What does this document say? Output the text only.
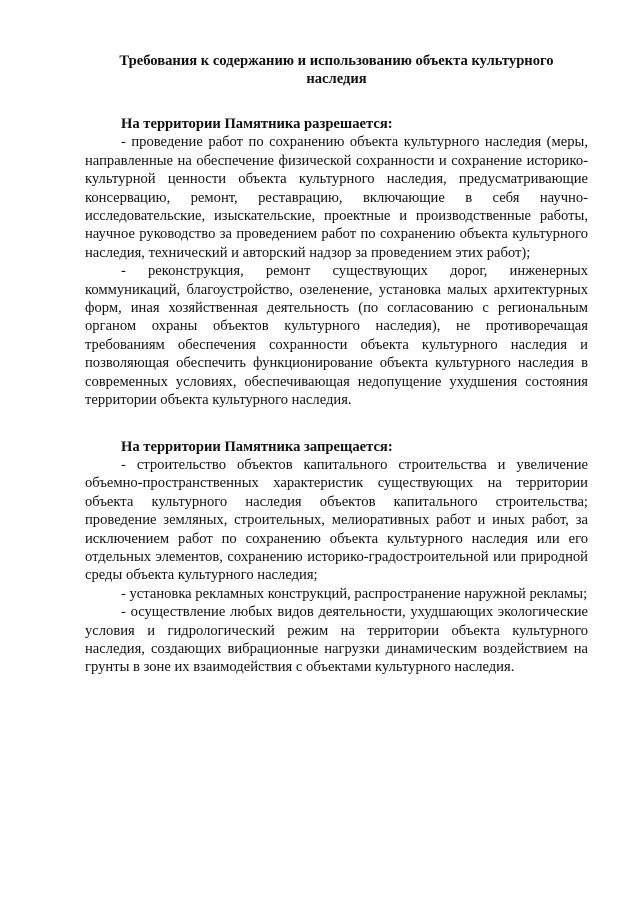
Требования к содержанию и использованию объекта культурного наследия
На территории Памятника разрешается:

- проведение работ по сохранению объекта культурного наследия (меры, направленные на обеспечение физической сохранности и сохранение историко-культурной ценности объекта культурного наследия, предусматривающие консервацию, ремонт, реставрацию, включающие в себя научно-исследовательские, изыскательские, проектные и производственные работы, научное руководство за проведением работ по сохранению объекта культурного наследия, технический и авторский надзор за проведением этих работ);

- реконструкция, ремонт существующих дорог, инженерных коммуникаций, благоустройство, озеленение, установка малых архитектурных форм, иная хозяйственная деятельность (по согласованию с региональным органом охраны объектов культурного наследия), не противоречащая требованиям обеспечения сохранности объекта культурного наследия и позволяющая обеспечить функционирование объекта культурного наследия в современных условиях, обеспечивающая недопущение ухудшения состояния территории объекта культурного наследия.

На территории Памятника запрещается:

- строительство объектов капитального строительства и увеличение объемно-пространственных характеристик существующих на территории объекта культурного наследия объектов капитального строительства; проведение земляных, строительных, мелиоративных работ и иных работ, за исключением работ по сохранению объекта культурного наследия или его отдельных элементов, сохранению историко-градостроительной или природной среды объекта культурного наследия;

- установка рекламных конструкций, распространение наружной рекламы;

- осуществление любых видов деятельности, ухудшающих экологические условия и гидрологический режим на территории объекта культурного наследия, создающих вибрационные нагрузки динамическим воздействием на грунты в зоне их взаимодействия с объектами культурного наследия.
